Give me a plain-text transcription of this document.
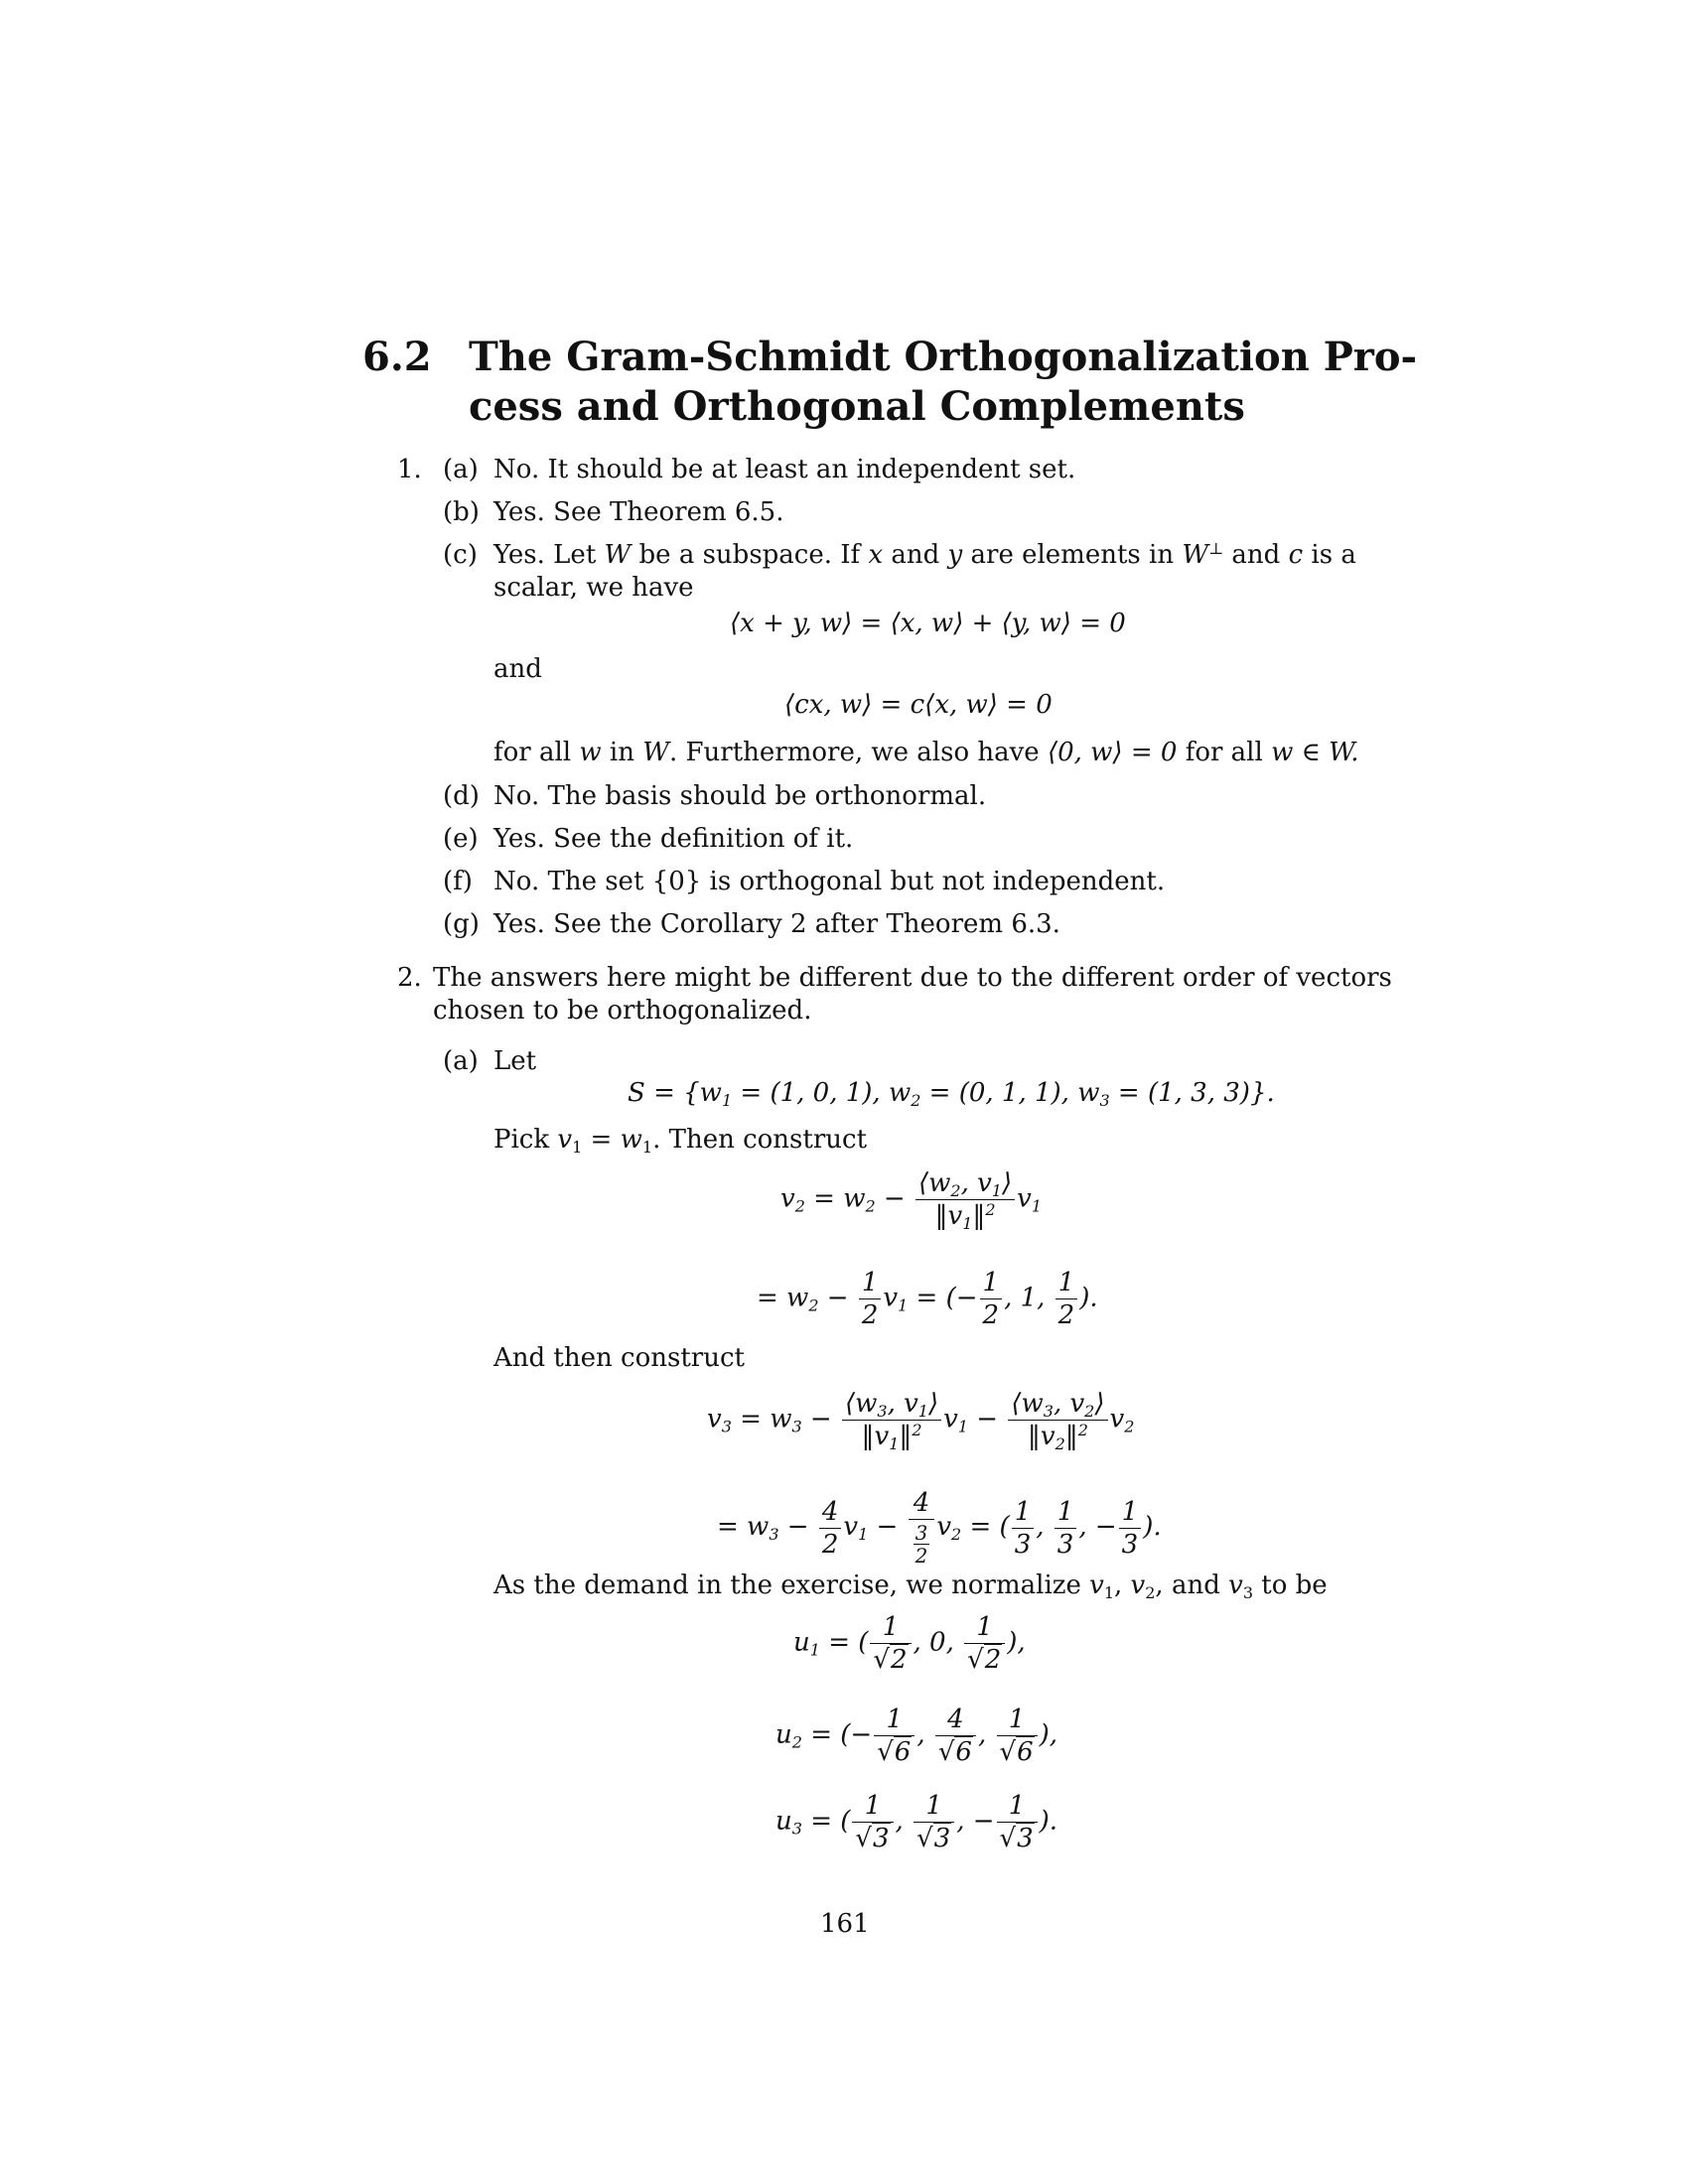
6.2 The Gram-Schmidt Orthogonalization Pro-
cess and Orthogonal Complements
1. (a) No. It should be at least an independent set.
(b) Yes. See Theorem 6.5.
(c) Yes. Let W be a subspace. If x and y are elements in W⊥ and c is a
scalar, we have
⟨x + y, w⟩ = ⟨x, w⟩ + ⟨y, w⟩ = 0
and
⟨cx, w⟩ = c⟨x, w⟩ = 0
for all w in W. Furthermore, we also have ⟨0, w⟩ = 0 for all w ∈ W.
(d) No. The basis should be orthonormal.
(e) Yes. See the definition of it.
(f) No. The set {0} is orthogonal but not independent.
(g) Yes. See the Corollary 2 after Theorem 6.3.
2. The answers here might be different due to the different order of vectors
chosen to be orthogonalized.
(a) Let
$S = \{w_1 = (1$, 0, 1), $w_2 = (0$, 1, 1), $w_3 = (1$, 3, 3)}.
Pick $v_1 = w_1$. Then construct
$v_2 = w_2 - \frac{⟨w_2, v_1⟩}{‖v_1‖^2} v_1$
= $w_2 - \frac{1}{2} v_1$ = (− $\frac{1}{2}$ , 1, $\frac{1}{2}$ ).
And then construct
$v_3 = w_3 - \frac{⟨w_3, v_1⟩}{‖v_1‖^2} v_1 - \frac{⟨w_3, v_2⟩}{‖v_2‖^2} v_2$
= $w_3 - \frac{4}{2} v_1 - \frac{4}{\frac{3}{2}} v_2$ = ( $\frac{1}{3}$ , $\frac{1}{3}$ , − $\frac{1}{3}$ ).
As the demand in the exercise, we normalize $v_1$, $v_2$, and $v_3$ to be
$u_1$ = ( $\frac{1}{√2}$ , 0, $\frac{1}{√2}$ ),
$u_2$ = (− $\frac{1}{√6}$ , $\frac{4}{√6}$ , $\frac{1}{√6}$ ),
$u_3$ = ( $\frac{1}{√3}$ , $\frac{1}{√3}$ , − $\frac{1}{√3}$ ).
161
